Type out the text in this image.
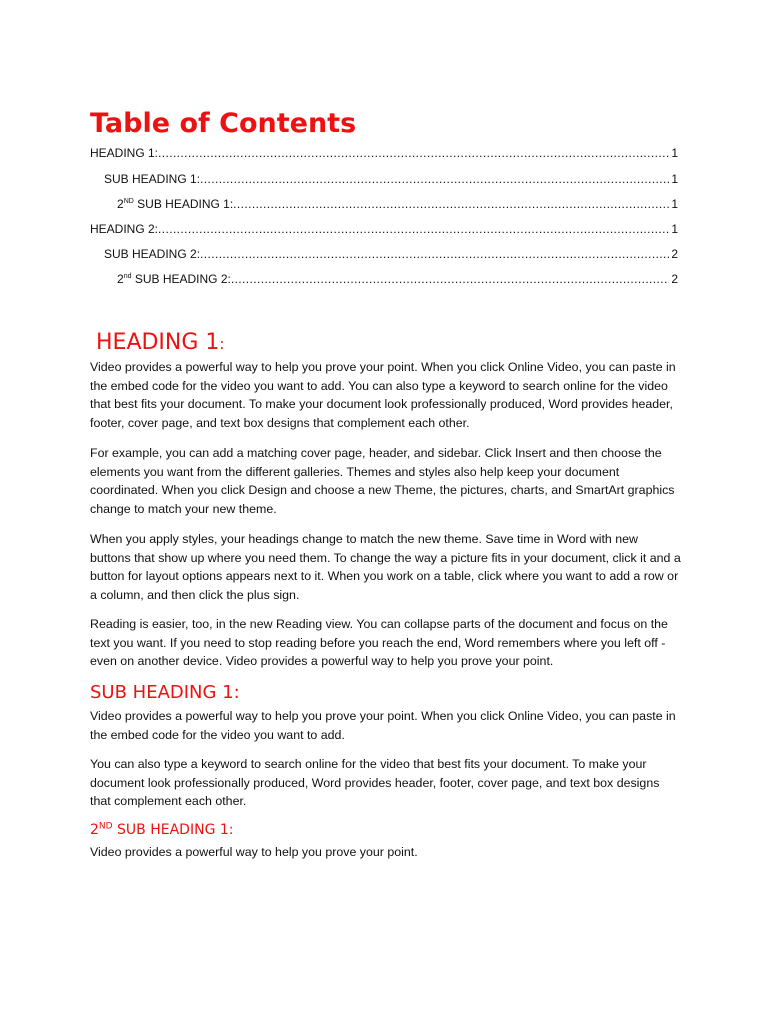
Table of Contents
HEADING 1: .....	1
SUB HEADING 1: .....	1
2ND SUB HEADING 1: .....	1
HEADING 2: .....	1
SUB HEADING 2: .....	2
2nd SUB HEADING 2: .....	2
HEADING 1:

Video provides a powerful way to help you prove your point. When you click Online Video, you can paste in the embed code for the video you want to add. You can also type a keyword to search online for the video that best fits your document. To make your document look professionally produced, Word provides header, footer, cover page, and text box designs that complement each other.

For example, you can add a matching cover page, header, and sidebar. Click Insert and then choose the elements you want from the different galleries. Themes and styles also help keep your document coordinated. When you click Design and choose a new Theme, the pictures, charts, and SmartArt graphics change to match your new theme.

When you apply styles, your headings change to match the new theme. Save time in Word with new buttons that show up where you need them. To change the way a picture fits in your document, click it and a button for layout options appears next to it. When you work on a table, click where you want to add a row or a column, and then click the plus sign.

Reading is easier, too, in the new Reading view. You can collapse parts of the document and focus on the text you want. If you need to stop reading before you reach the end, Word remembers where you left off - even on another device. Video provides a powerful way to help you prove your point.

SUB HEADING 1:

Video provides a powerful way to help you prove your point. When you click Online Video, you can paste in the embed code for the video you want to add.

You can also type a keyword to search online for the video that best fits your document. To make your document look professionally produced, Word provides header, footer, cover page, and text box designs that complement each other.

2ND SUB HEADING 1:

Video provides a powerful way to help you prove your point.
